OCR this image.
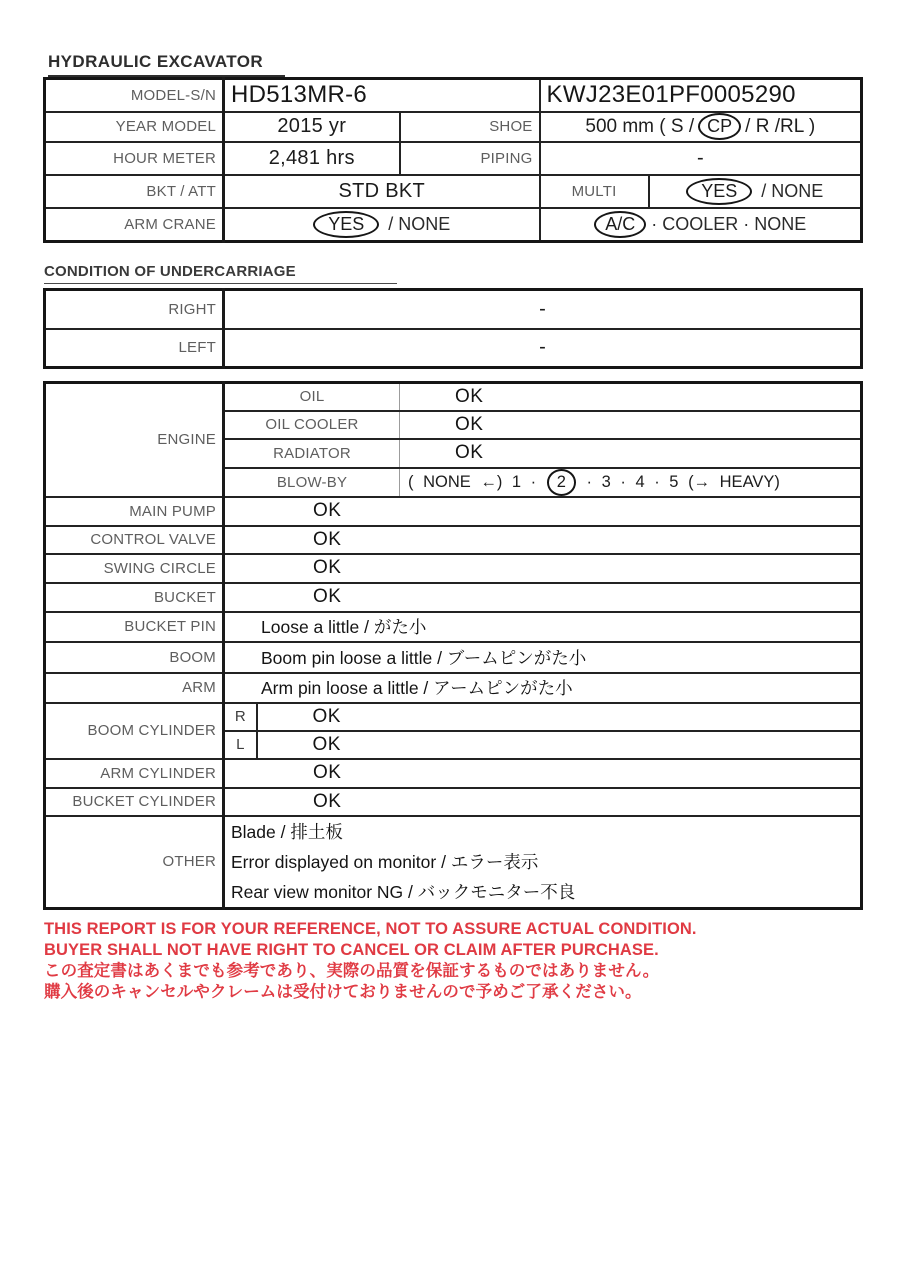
HYDRAULIC EXCAVATOR
MODEL-S/N	HD513MR-6		KWJ23E01PF0005290	
YEAR MODEL	2015 yr	SHOE	500 mm ( S / CP / R /RL )	

HOUR METER	2,481 hrs	PIPING	-	
BKT / ATT	STD BKT		MULTI	YES / NONE

ARM CRANE	YES / NONE		A/C · COOLER · NONE	
CONDITION OF UNDERCARRIAGE
RIGHT	-
LEFT	-
ENGINE	OIL		OK
	OIL COOLER		OK
	RADIATOR		OK
	BLOW-BY		( NONE ←) 1 · 2 · 3 · 4 · 5 (→ HEAVY)
MAIN PUMP	OK		
CONTROL VALVE	OK		
SWING CIRCLE	OK		
BUCKET	OK		
BUCKET PIN	Loose a little / がた小		
BOOM	Boom pin loose a little / ブームピンがた小		
ARM	Arm pin loose a little / アームピンがた小		
BOOM CYLINDER	R	OK	
	L	OK	
ARM CYLINDER	OK		
BUCKET CYLINDER	OK		
OTHER	Blade / 排土板
Error displayed on monitor / エラー表示
Rear view monitor NG / バックモニター不良		
THIS REPORT IS FOR YOUR REFERENCE, NOT TO ASSURE ACTUAL CONDITION.
BUYER SHALL NOT HAVE RIGHT TO CANCEL OR CLAIM AFTER PURCHASE.
この査定書はあくまでも参考であり、実際の品質を保証するものではありません。
購入後のキャンセルやクレームは受付けておりませんので予めご了承ください。
